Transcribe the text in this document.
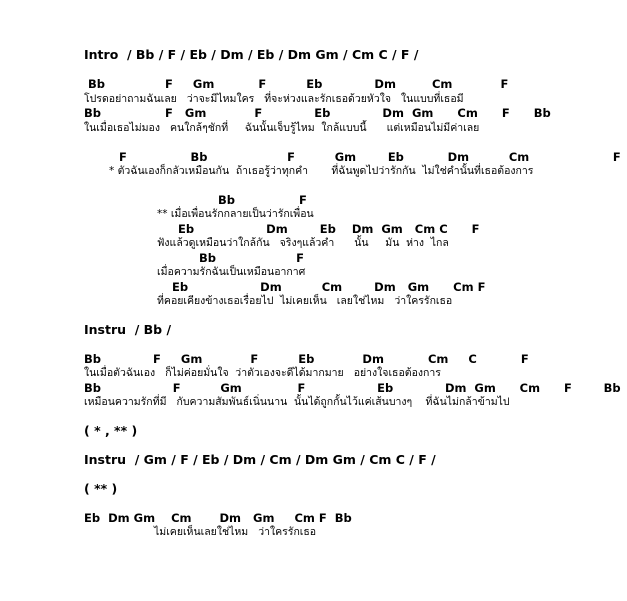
Intro  / Bb / F / Eb / Dm / Eb / Dm Gm / Cm C / F /
Bb               F     Gm           F          Eb             Dm         Cm            F
โปรดอย่าถามฉันเลย   ว่าจะมีไหมใคร   ที่จะห่วงและรักเธอด้วยหัวใจ   ในแบบที่เธอมี
Bb                F   Gm            F             Eb             Dm  Gm      Cm      F      Bb
ในเมื่อเธอไม่มอง   คนใกล้ๆชักที่     ฉันนั้นเจ็บรู้ไหม  ใกล้แบบนี้      แต่เหมือนไม่มีค่าเลย
F                Bb                    F          Gm        Eb           Dm          Cm                     F
* ตัวฉันเองก็กลัวเหมือนกัน  ถ้าเธอรู้ว่าทุกคำ       ที่ฉันพูดไปว่ารักกัน  ไม่ใช่คำนั้นที่เธอต้องการ
Bb                F
** เมื่อเพื่อนรักกลายเป็นว่ารักเพื่อน
Eb                  Dm        Eb    Dm  Gm   Cm C      F
ฟังแล้วดูเหมือนว่าใกล้กัน   จริงๆแล้วคำ      นั้น     มัน  ห่าง  ไกล
Bb                    F
เมื่อความรักฉันเป็นเหมือนอากาศ
Eb                  Dm          Cm        Dm   Gm      Cm F
ที่คอยเคียงข้างเธอเรื่อยไป  ไม่เคยเห็น   เลยใช่ไหม   ว่าใครรักเธอ
Instru  / Bb /
Bb             F     Gm            F          Eb            Dm           Cm     C           F
ในเมื่อตัวฉันเอง   ก็ไม่ค่อยมั่นใจ  ว่าตัวเองจะดีได้มากมาย   อย่างใจเธอต้องการ
Bb                  F          Gm              F                  Eb             Dm  Gm      Cm      F        Bb
เหมือนความรักที่มี   กับความสัมพันธ์เนิ่นนาน  นั้นได้ถูกกั้นไว้แค่เส้นบางๆ    ที่ฉันไม่กล้าข้ามไป
( * , ** )
Instru  / Gm / F / Eb / Dm / Cm / Dm Gm / Cm C / F /
( ** )
Eb  Dm Gm    Cm       Dm   Gm     Cm F  Bb
ไม่เคยเห็นเลยใช่ไหม   ว่าใครรักเธอ
